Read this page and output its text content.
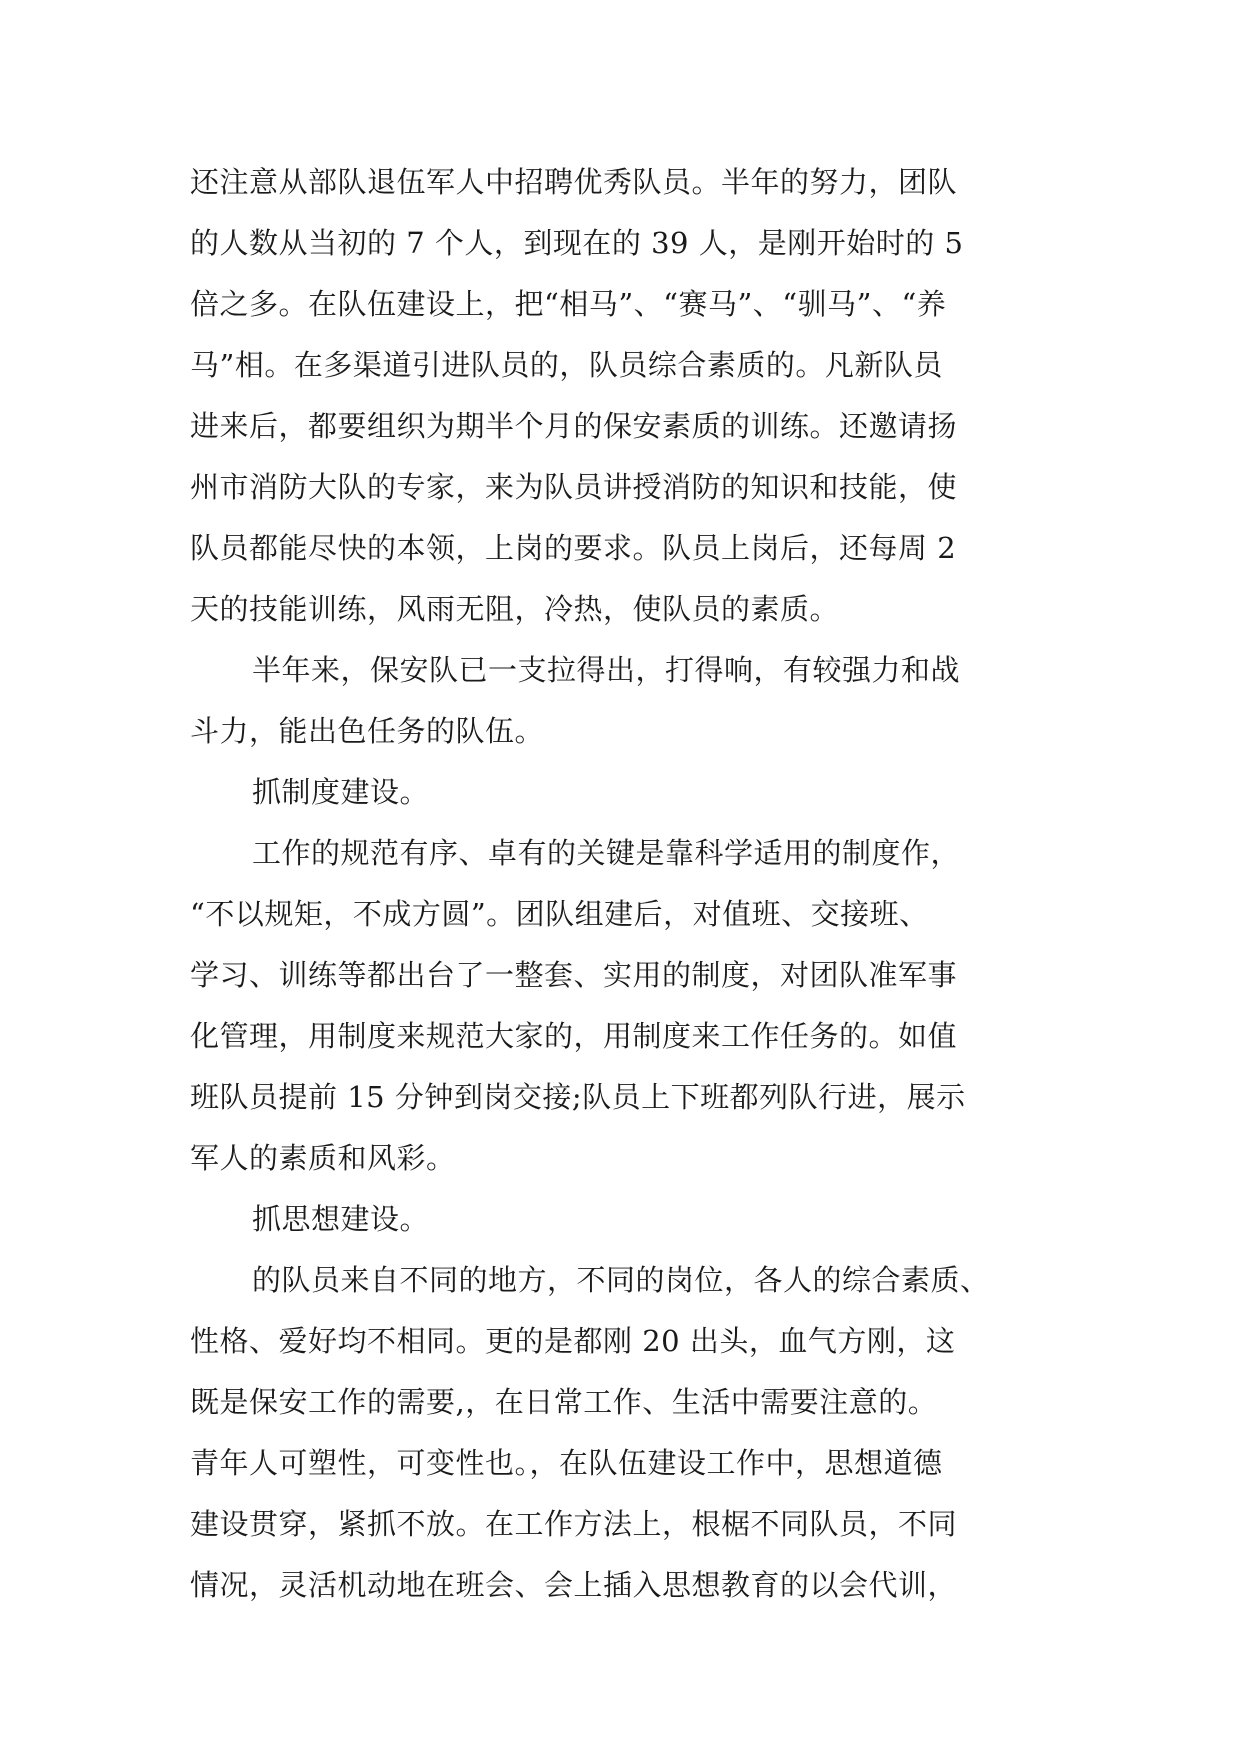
还注意从部队退伍军人中招聘优秀队员。半年的努力，团队
的人数从当初的 7 个人，到现在的 39 人，是刚开始时的 5
倍之多。在队伍建设上，把“相马”、“赛马”、“驯马”、“养
马”相。在多渠道引进队员的，队员综合素质的。凡新队员
进来后，都要组织为期半个月的保安素质的训练。还邀请扬
州市消防大队的专家，来为队员讲授消防的知识和技能，使
队员都能尽快的本领，上岗的要求。队员上岗后，还每周 2
天的技能训练，风雨无阻，冷热，使队员的素质。
半年来，保安队已一支拉得出，打得响，有较强力和战
斗力，能出色任务的队伍。
抓制度建设。
工作的规范有序、卓有的关键是靠科学适用的制度作，
“不以规矩，不成方圆”。团队组建后，对值班、交接班、
学习、训练等都出台了一整套、实用的制度，对团队准军事
化管理，用制度来规范大家的，用制度来工作任务的。如值
班队员提前 15 分钟到岗交接;队员上下班都列队行进，展示
军人的素质和风彩。
抓思想建设。
的队员来自不同的地方，不同的岗位，各人的综合素质、
性格、爱好均不相同。更的是都刚 20 出头，血气方刚，这
既是保安工作的需要,，在日常工作、生活中需要注意的。
青年人可塑性，可变性也。，在队伍建设工作中，思想道德
建设贯穿，紧抓不放。在工作方法上，根椐不同队员，不同
情况，灵活机动地在班会、会上插入思想教育的以会代训，
